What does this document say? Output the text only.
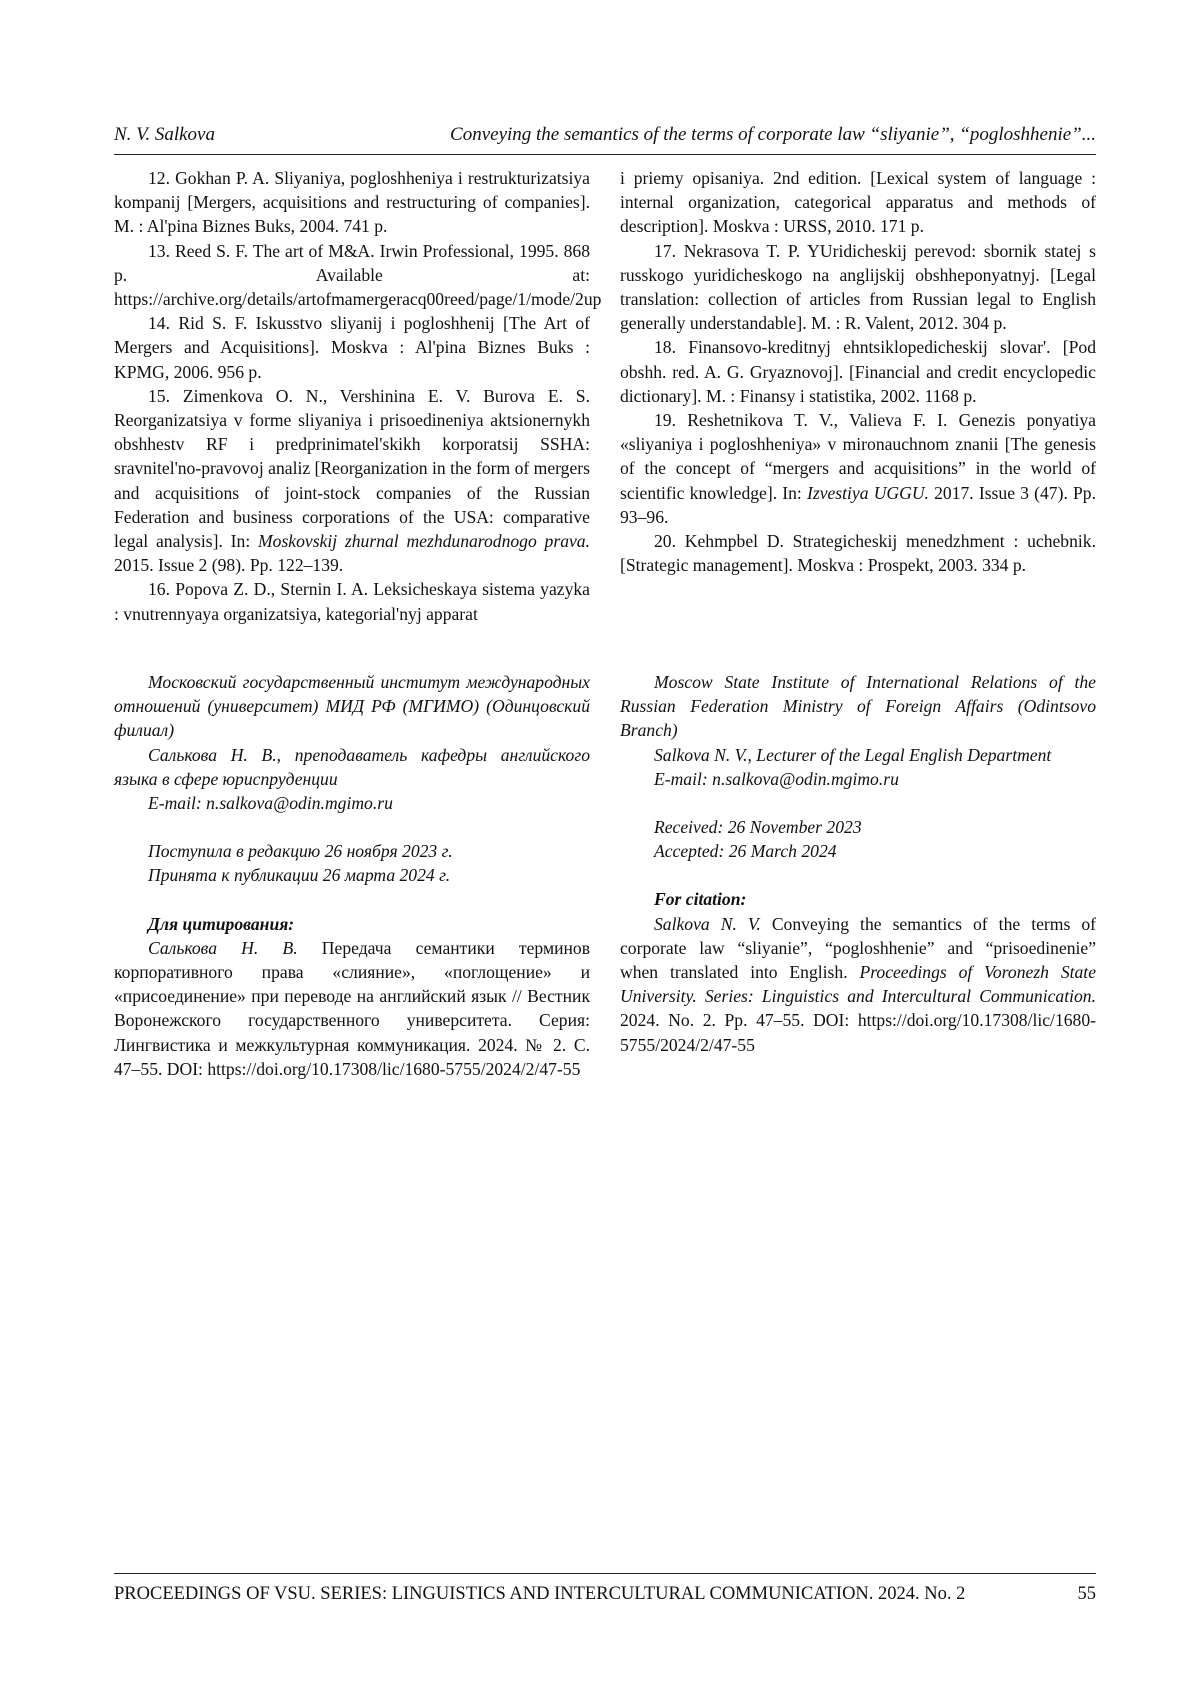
N. V. Salkova	Conveying the semantics of the terms of corporate law “sliyanie”, “pogloshhenie”...

12. Gokhan P. A. Sliyaniya, pogloshheniya i restrukturizatsiya kompanij [Mergers, acquisitions and restructuring of companies]. M. : Al'pina Biznes Buks, 2004. 741 p.

13. Reed S. F. The art of M&A. Irwin Professional, 1995. 868 p. Available at: https://archive.org/details/artofmamergeracq00reed/page/1/mode/2up

14. Rid S. F. Iskusstvo sliyanij i pogloshhenij [The Art of Mergers and Acquisitions]. Moskva : Al'pina Biznes Buks : KPMG, 2006. 956 p.

15. Zimenkova O. N., Vershinina E. V. Burova E. S. Reorganizatsiya v forme sliyaniya i prisoedineniya aktsionernykh obshhestv RF i predprinimatel'skikh korporatsij SSHA: sravnitel'no-pravovoj analiz [Reorganization in the form of mergers and acquisitions of joint-stock companies of the Russian Federation and business corporations of the USA: comparative legal analysis]. In: Moskovskij zhurnal mezhdunarodnogo prava. 2015. Issue 2 (98). Pp. 122–139.

16. Popova Z. D., Sternin I. A. Leksicheskaya sistema yazyka : vnutrennyaya organizatsiya, kategorial'nyj apparat

i priemy opisaniya. 2nd edition. [Lexical system of language : internal organization, categorical apparatus and methods of description]. Moskva : URSS, 2010. 171 p.

17. Nekrasova T. P. YUridicheskij perevod: sbornik statej s russkogo yuridicheskogo na anglijskij obshheponyatnyj. [Legal translation: collection of articles from Russian legal to English generally understandable]. M. : R. Valent, 2012. 304 p.

18. Finansovo-kreditnyj ehntsiklopedicheskij slovar'. [Pod obshh. red. A. G. Gryaznovoj]. [Financial and credit encyclopedic dictionary]. M. : Finansy i statistika, 2002. 1168 p.

19. Reshetnikova T. V., Valieva F. I. Genezis ponyatiya «sliyaniya i pogloshheniya» v mironauchnom znanii [The genesis of the concept of “mergers and acquisitions” in the world of scientific knowledge]. In: Izvestiya UGGU. 2017. Issue 3 (47). Pp. 93–96.

20. Kehmpbel D. Strategicheskij menedzhment : uchebnik. [Strategic management]. Moskva : Prospekt, 2003. 334 p.

Московский государственный институт международных отношений (университет) МИД РФ (МГИМО) (Одинцовский филиал)

Салькова Н. В., преподаватель кафедры английского языка в сфере юриспруденции

E-mail: n.salkova@odin.mgimo.ru

Поступила в редакцию 26 ноября 2023 г.

Принята к публикации 26 марта 2024 г.

Для цитирования:

Салькова Н. В. Передача семантики терминов корпоративного права «слияние», «поглощение» и «присоединение» при переводе на английский язык // Вестник Воронежского государственного университета. Серия: Лингвистика и межкультурная коммуникация. 2024. № 2. С. 47–55. DOI: https://doi.org/10.17308/lic/1680-5755/2024/2/47-55

Moscow State Institute of International Relations of the Russian Federation Ministry of Foreign Affairs (Odintsovo Branch)

Salkova N. V., Lecturer of the Legal English Department

E-mail: n.salkova@odin.mgimo.ru

Received: 26 November 2023

Accepted: 26 March 2024

For citation:

Salkova N. V. Conveying the semantics of the terms of corporate law “sliyanie”, “pogloshhenie” and “prisoedinenie” when translated into English. Proceedings of Voronezh State University. Series: Linguistics and Intercultural Communication. 2024. No. 2. Pp. 47–55. DOI: https://doi.org/10.17308/lic/1680-5755/2024/2/47-55

PROCEEDINGS OF VSU. SERIES: LINGUISTICS AND INTERCULTURAL COMMUNICATION. 2024. No. 2	55
